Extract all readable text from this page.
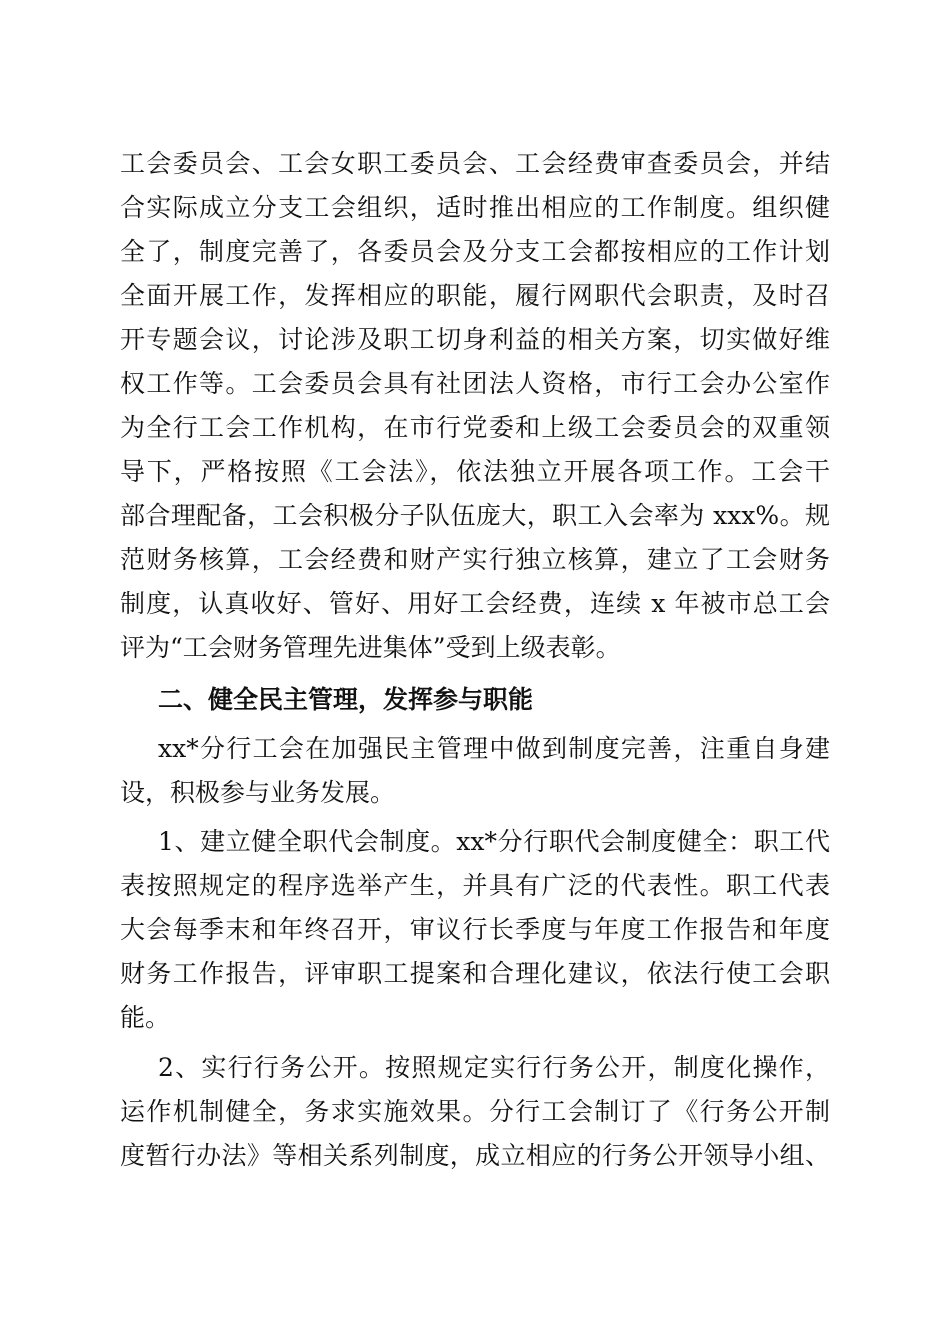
工会委员会、工会女职工委员会、工会经费审查委员会，并结

合实际成立分支工会组织，适时推出相应的工作制度。组织健

全了，制度完善了，各委员会及分支工会都按相应的工作计划

全面开展工作，发挥相应的职能，履行网职代会职责，及时召

开专题会议，讨论涉及职工切身利益的相关方案，切实做好维

权工作等。工会委员会具有社团法人资格，市行工会办公室作

为全行工会工作机构，在市行党委和上级工会委员会的双重领

导下，严格按照《工会法》，依法独立开展各项工作。工会干

部合理配备，工会积极分子队伍庞大，职工入会率为 xxx%。规

范财务核算，工会经费和财产实行独立核算，建立了工会财务

制度，认真收好、管好、用好工会经费，连续 x 年被市总工会

评为“工会财务管理先进集体”受到上级表彰。

二、健全民主管理，发挥参与职能

xx*分行工会在加强民主管理中做到制度完善，注重自身建

设，积极参与业务发展。

1、建立健全职代会制度。xx*分行职代会制度健全：职工代

表按照规定的程序选举产生，并具有广泛的代表性。职工代表

大会每季末和年终召开，审议行长季度与年度工作报告和年度

财务工作报告，评审职工提案和合理化建议，依法行使工会职

能。

2、实行行务公开。按照规定实行行务公开，制度化操作，

运作机制健全，务求实施效果。分行工会制订了《行务公开制

度暂行办法》等相关系列制度，成立相应的行务公开领导小组、
